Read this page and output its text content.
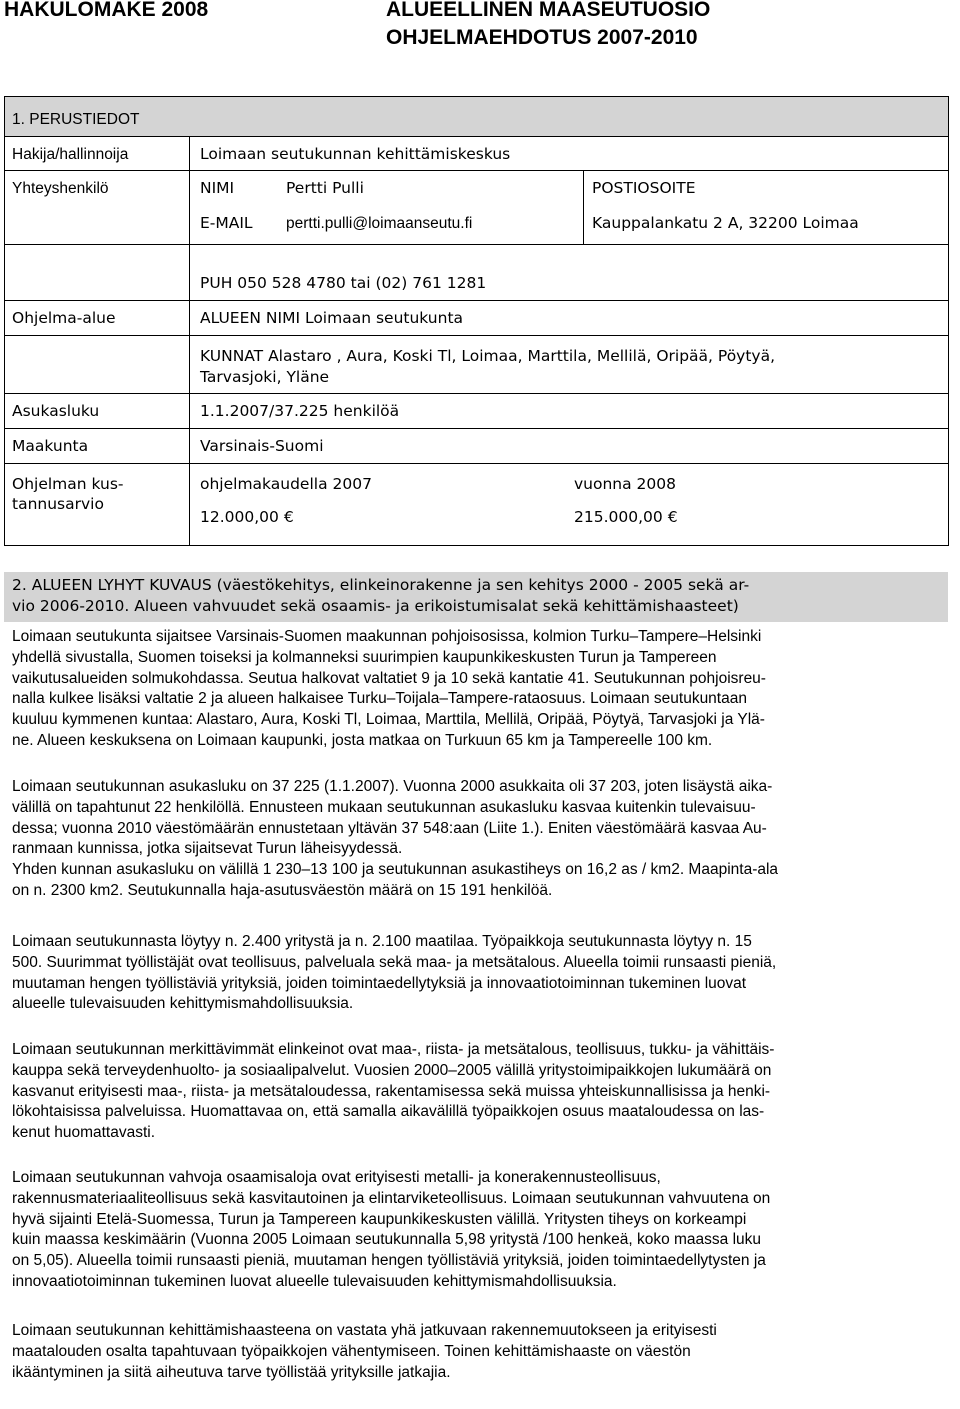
HAKULOMAKE 2008	ALUEELLINEN MAASEUTUOSIO
OHJELMAEHDOTUS 2007-2010
1. PERUSTIEDOT
Hakija/hallinnoija	Loimaan seutukunnan kehittämiskeskus
Yhteyshenkilö	NIMI	Pertti Pulli	POSTIOSOITE
E-MAIL pertti.pulli@loimaanseutu.fi	Kauppalankatu 2 A, 32200 Loimaa
PUH 050 528 4780 tai (02) 761 1281
Ohjelma-alue	ALUEEN NIMI Loimaan seutukunta
KUNNAT Alastaro , Aura, Koski Tl, Loimaa, Marttila, Mellilä, Oripää, Pöytyä,
Tarvasjoki, Yläne
Asukasluku	1.1.2007/37.225 henkilöä
Maakunta	Varsinais-Suomi
Ohjelman kus-
tannusarvio
ohjelmakaudella 2007	vuonna 2008
12.000,00 €	215.000,00 €
2. ALUEEN LYHYT KUVAUS (väestökehitys, elinkeinorakenne ja sen kehitys 2000 - 2005 sekä ar-
vio 2006-2010. Alueen vahvuudet sekä osaamis- ja erikoistumisalat sekä kehittämishaasteet)
Loimaan seutukunta sijaitsee Varsinais-Suomen maakunnan pohjoisosissa, kolmion Turku–Tampere–Helsinki
yhdellä sivustalla, Suomen toiseksi ja kolmanneksi suurimpien kaupunkikeskusten Turun ja Tampereen
vaikutusalueiden solmukohdassa. Seutua halkovat valtatiet 9 ja 10 sekä kantatie 41. Seutukunnan pohjoisreu-
nalla kulkee lisäksi valtatie 2 ja alueen halkaisee Turku–Toijala–Tampere-rataosuus. Loimaan seutukuntaan
kuuluu kymmenen kuntaa: Alastaro, Aura, Koski Tl, Loimaa, Marttila, Mellilä, Oripää, Pöytyä, Tarvasjoki ja Ylä-
ne. Alueen keskuksena on Loimaan kaupunki, josta matkaa on Turkuun 65 km ja Tampereelle 100 km.
Loimaan seutukunnan asukasluku on 37 225 (1.1.2007). Vuonna 2000 asukkaita oli 37 203, joten lisäystä aika-
välillä on tapahtunut 22 henkilöllä. Ennusteen mukaan seutukunnan asukasluku kasvaa kuitenkin tulevaisuu-
dessa; vuonna 2010 väestömäärän ennustetaan yltävän 37 548:aan (Liite 1.). Eniten väestömäärä kasvaa Au-
ranmaan kunnissa, jotka sijaitsevat Turun läheisyydessä.
Yhden kunnan asukasluku on välillä 1 230–13 100 ja seutukunnan asukastiheys on 16,2 as / km2. Maapinta-ala
on n. 2300 km2. Seutukunnalla haja-asutusväestön määrä on 15 191 henkilöä.
Loimaan seutukunnasta löytyy n. 2.400 yritystä ja n. 2.100 maatilaa. Työpaikkoja seutukunnasta löytyy n. 15
500. Suurimmat työllistäjät ovat teollisuus, palveluala sekä maa- ja metsätalous. Alueella toimii runsaasti pieniä,
muutaman hengen työllistäviä yrityksiä, joiden toimintaedellytyksiä ja innovaatiotoiminnan tukeminen luovat
alueelle tulevaisuuden kehittymismahdollisuuksia.
Loimaan seutukunnan merkittävimmät elinkeinot ovat maa-, riista- ja metsätalous, teollisuus, tukku- ja vähittäis-
kauppa sekä terveydenhuolto- ja sosiaalipalvelut. Vuosien 2000–2005 välillä yritystoimipaikkojen lukumäärä on
kasvanut erityisesti maa-, riista- ja metsätaloudessa, rakentamisessa sekä muissa yhteiskunnallisissa ja henki-
lökohtaisissa palveluissa. Huomattavaa on, että samalla aikavälillä työpaikkojen osuus maataloudessa on las-
kenut huomattavasti.
Loimaan seutukunnan vahvoja osaamisaloja ovat erityisesti metalli- ja konerakennusteollisuus,
rakennusmateriaaliteollisuus sekä kasvitautoinen ja elintarviketeollisuus. Loimaan seutukunnan vahvuutena on
hyvä sijainti Etelä-Suomessa, Turun ja Tampereen kaupunkikeskusten välillä. Yritysten tiheys on korkeampi
kuin maassa keskimäärin (Vuonna 2005 Loimaan seutukunnalla 5,98 yritystä /100 henkeä, koko maassa luku
on 5,05). Alueella toimii runsaasti pieniä, muutaman hengen työllistäviä yrityksiä, joiden toimintaedellytysten ja
innovaatiotoiminnan tukeminen luovat alueelle tulevaisuuden kehittymismahdollisuuksia.
Loimaan seutukunnan kehittämishaasteena on vastata yhä jatkuvaan rakennemuutokseen ja erityisesti
maatalouden osalta tapahtuvaan työpaikkojen vähentymiseen. Toinen kehittämishaaste on väestön
ikääntyminen ja siitä aiheutuva tarve työllistää yrityksille jatkajia.
